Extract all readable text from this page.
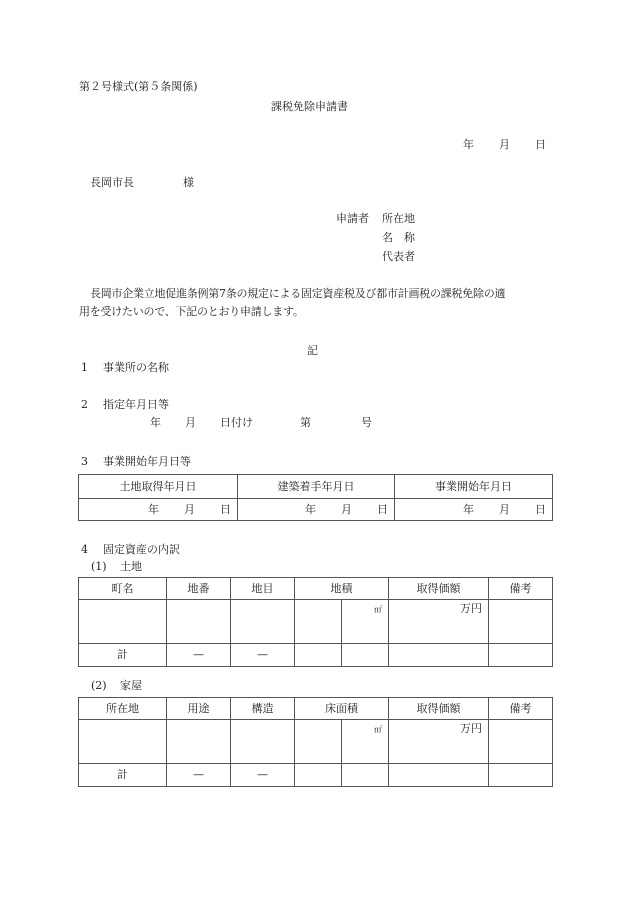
第２号様式(第５条関係)
課税免除申請書
年 月 日
長岡市長	様
申請者 所在地
名　称
代表者
長岡市企業立地促進条例第7条の規定による固定資産税及び都市計画税の課税免除の適
用を受けたいので、下記のとおり申請します。
記
1 事業所の名称
2 指定年月日等
年 月 日付け	第	号
3 事業開始年月日等
土地取得年月日	建築着手年月日	事業開始年月日
年 月 日	年 月 日	年 月 日
4 固定資産の内訳
(1) 土地
町名	地番	地目	地積		取得価額	備考
				㎡	万円	
計	—	—				
(2) 家屋
所在地	用途	構造	床面積		取得価額	備考
				㎡	万円	
計	—	—				
